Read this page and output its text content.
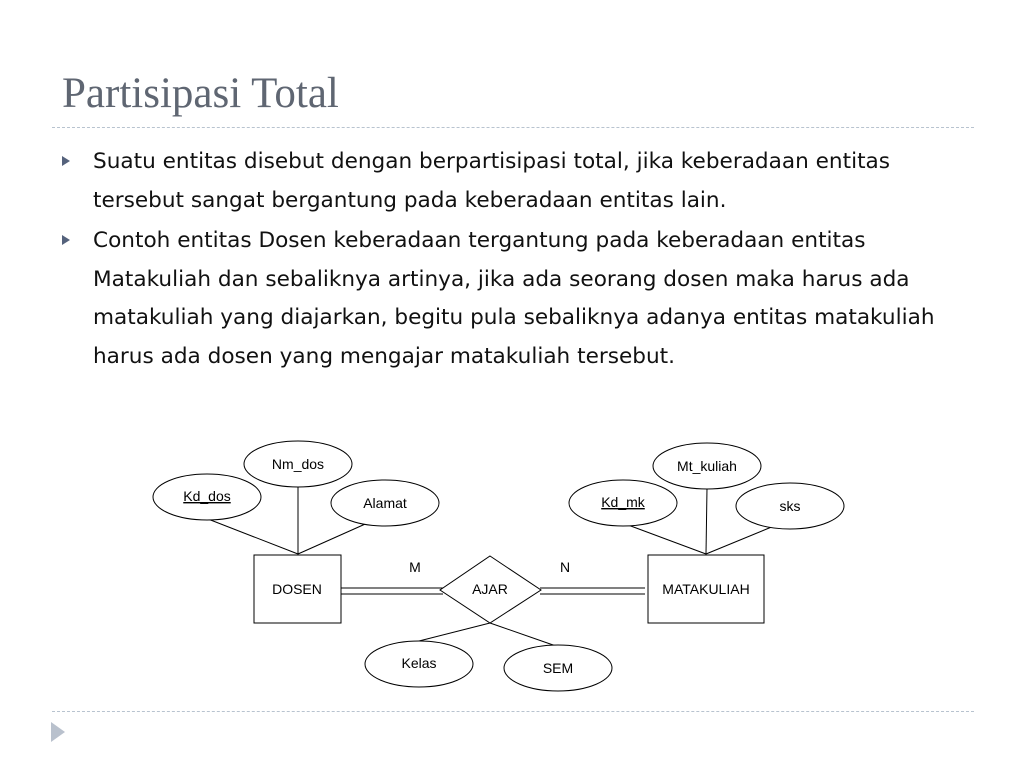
Partisipasi Total
Suatu entitas disebut dengan berpartisipasi total, jika keberadaan entitas tersebut sangat bergantung pada keberadaan entitas lain.
Contoh entitas Dosen keberadaan tergantung pada keberadaan entitas Matakuliah dan sebaliknya artinya, jika ada seorang dosen maka harus ada matakuliah yang diajarkan, begitu pula sebaliknya adanya entitas matakuliah harus ada dosen yang mengajar matakuliah tersebut.
Nm_dos
Kd_dos	Alamat
Mt_kuliah
Kd_mk	sks
Kelas	SEM
DOSEN	MATAKULIAH
AJAR
M	N
